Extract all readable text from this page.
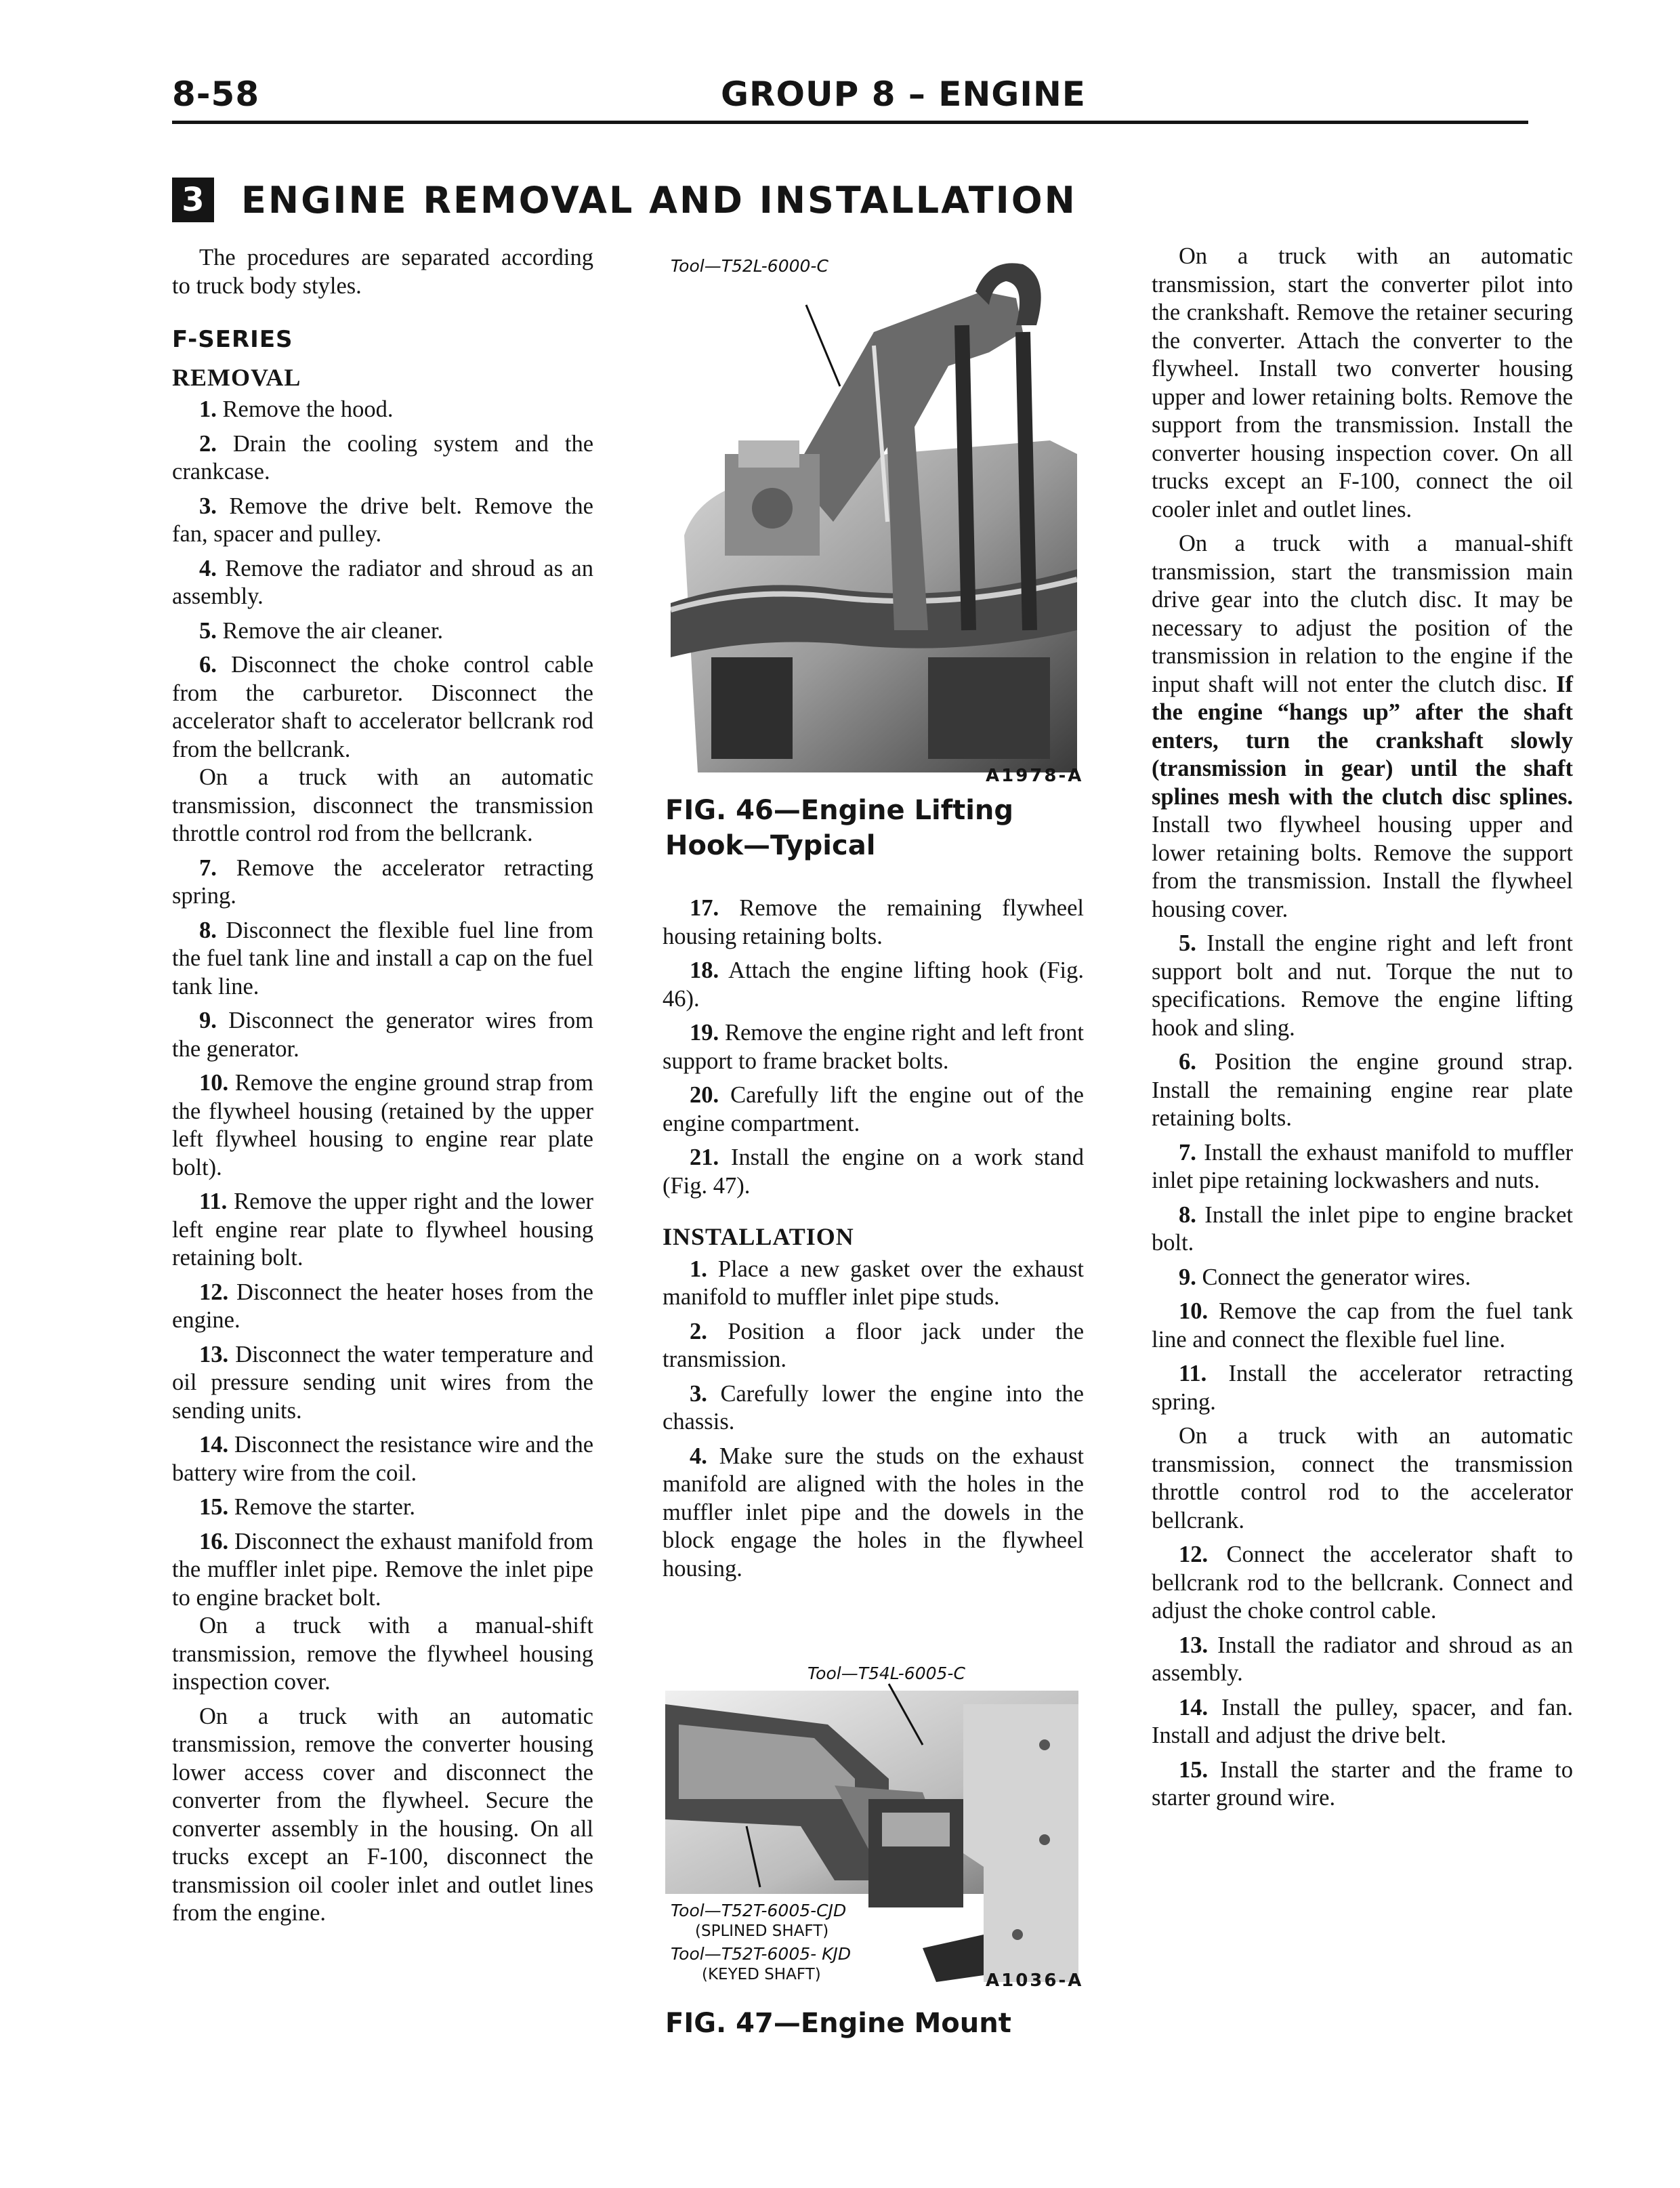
8-58	GROUP 8 – ENGINE
3 ENGINE REMOVAL AND INSTALLATION

The procedures are separated according to truck body styles.

F-SERIES
REMOVAL

1. Remove the hood.

2. Drain the cooling system and the crankcase.

3. Remove the drive belt. Remove the fan, spacer and pulley.

4. Remove the radiator and shroud as an assembly.

5. Remove the air cleaner.

6. Disconnect the choke control cable from the carburetor. Disconnect the accelerator shaft to accelerator bellcrank rod from the bellcrank.

On a truck with an automatic transmission, disconnect the transmission throttle control rod from the bellcrank.

7. Remove the accelerator retracting spring.

8. Disconnect the flexible fuel line from the fuel tank line and install a cap on the fuel tank line.

9. Disconnect the generator wires from the generator.

10. Remove the engine ground strap from the flywheel housing (retained by the upper left flywheel housing to engine rear plate bolt).

11. Remove the upper right and the lower left engine rear plate to flywheel housing retaining bolt.

12. Disconnect the heater hoses from the engine.

13. Disconnect the water temperature and oil pressure sending unit wires from the sending units.

14. Disconnect the resistance wire and the battery wire from the coil.

15. Remove the starter.

16. Disconnect the exhaust manifold from the muffler inlet pipe. Remove the inlet pipe to engine bracket bolt.

On a truck with a manual-shift transmission, remove the flywheel housing inspection cover.

On a truck with an automatic transmission, remove the converter housing lower access cover and disconnect the converter from the flywheel. Secure the converter assembly in the housing. On all trucks except an F-100, disconnect the transmission oil cooler inlet and outlet lines from the engine.

Tool—T52L-6000-C
A1978-A
FIG. 46—Engine Lifting Hook—Typical

17. Remove the remaining flywheel housing retaining bolts.

18. Attach the engine lifting hook (Fig. 46).

19. Remove the engine right and left front support to frame bracket bolts.

20. Carefully lift the engine out of the engine compartment.

21. Install the engine on a work stand (Fig. 47).

INSTALLATION

1. Place a new gasket over the exhaust manifold to muffler inlet pipe studs.

2. Position a floor jack under the transmission.

3. Carefully lower the engine into the chassis.

4. Make sure the studs on the exhaust manifold are aligned with the holes in the muffler inlet pipe and the dowels in the block engage the holes in the flywheel housing.

Tool—T54L-6005-C
Tool—T52T-6005-CJD
(SPLINED SHAFT)
Tool—T52T-6005- KJD
(KEYED SHAFT)	A1036-A
FIG. 47—Engine Mount

On a truck with an automatic transmission, start the converter pilot into the crankshaft. Remove the retainer securing the converter. Attach the converter to the flywheel. Install two converter housing upper and lower retaining bolts. Remove the support from the transmission. Install the converter housing inspection cover. On all trucks except an F-100, connect the oil cooler inlet and outlet lines.

On a truck with a manual-shift transmission, start the transmission main drive gear into the clutch disc. It may be necessary to adjust the position of the transmission in relation to the engine if the input shaft will not enter the clutch disc. If the engine “hangs up” after the shaft enters, turn the crankshaft slowly (transmission in gear) until the shaft splines mesh with the clutch disc splines. Install two flywheel housing upper and lower retaining bolts. Remove the support from the transmission. Install the flywheel housing cover.

5. Install the engine right and left front support bolt and nut. Torque the nut to specifications. Remove the engine lifting hook and sling.

6. Position the engine ground strap. Install the remaining engine rear plate retaining bolts.

7. Install the exhaust manifold to muffler inlet pipe retaining lockwashers and nuts.

8. Install the inlet pipe to engine bracket bolt.

9. Connect the generator wires.

10. Remove the cap from the fuel tank line and connect the flexible fuel line.

11. Install the accelerator retracting spring.

On a truck with an automatic transmission, connect the transmission throttle control rod to the accelerator bellcrank.

12. Connect the accelerator shaft to bellcrank rod to the bellcrank. Connect and adjust the choke control cable.

13. Install the radiator and shroud as an assembly.

14. Install the pulley, spacer, and fan. Install and adjust the drive belt.

15. Install the starter and the frame to starter ground wire.
